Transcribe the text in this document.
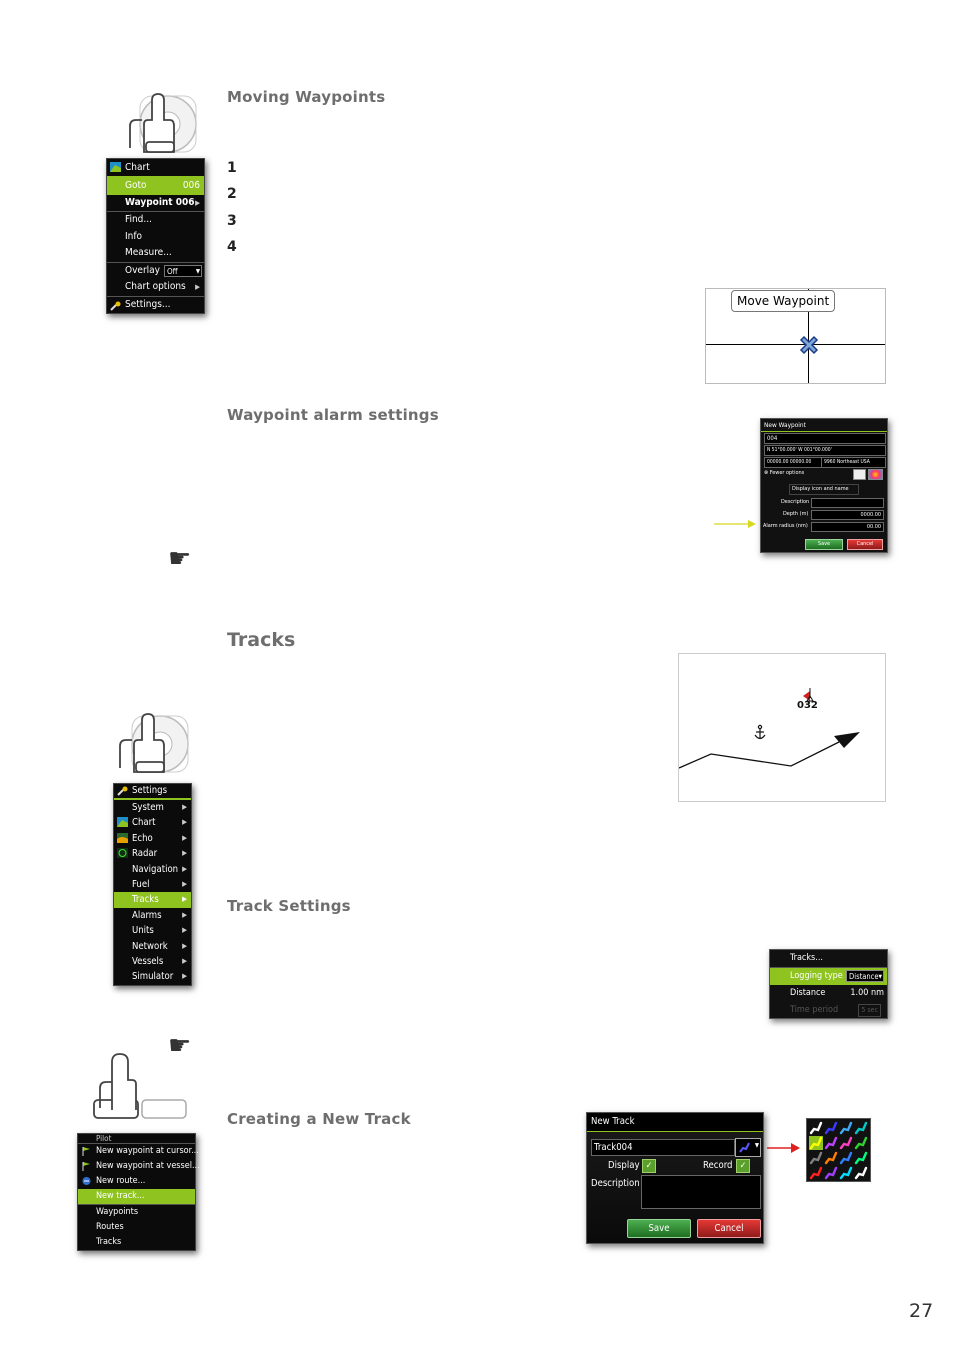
Chart
Goto	006
Waypoint 006 ▶
Find...
Info
Measure...
Overlay Off	▼
Chart options ▶
Settings...
Moving Waypoints
1
2
3
4
Move Waypoint
Waypoint alarm settings
New Waypoint
004
N 51°00.000' W 001°00.000'
00000.00 00000.00	9960 Northeast USA
⊗ Fewer options
Display icon and name
Description
Depth (m)	0000.00
Alarm radius (nm)	00.00
Save	Cancel
☛
Tracks
032
Settings
System	▶
Chart	▶
Echo	▶
Radar	▶
Navigation ▶
Fuel	▶
Tracks	▶
Alarms	▶
Units	▶
Network ▶
Vessels	▶
Simulator ▶
Track Settings
Tracks...
Logging type Distance ▼
Distance	1.00 nm
Time period	5 sec
☛
Creating a New Track
Pilot
New waypoint at cursor...
New waypoint at vessel...
New route...
New track...
Waypoints
Routes
Tracks
New Track
Track004	▼
Display ✓	Record ✓
Description
Save	Cancel
27
